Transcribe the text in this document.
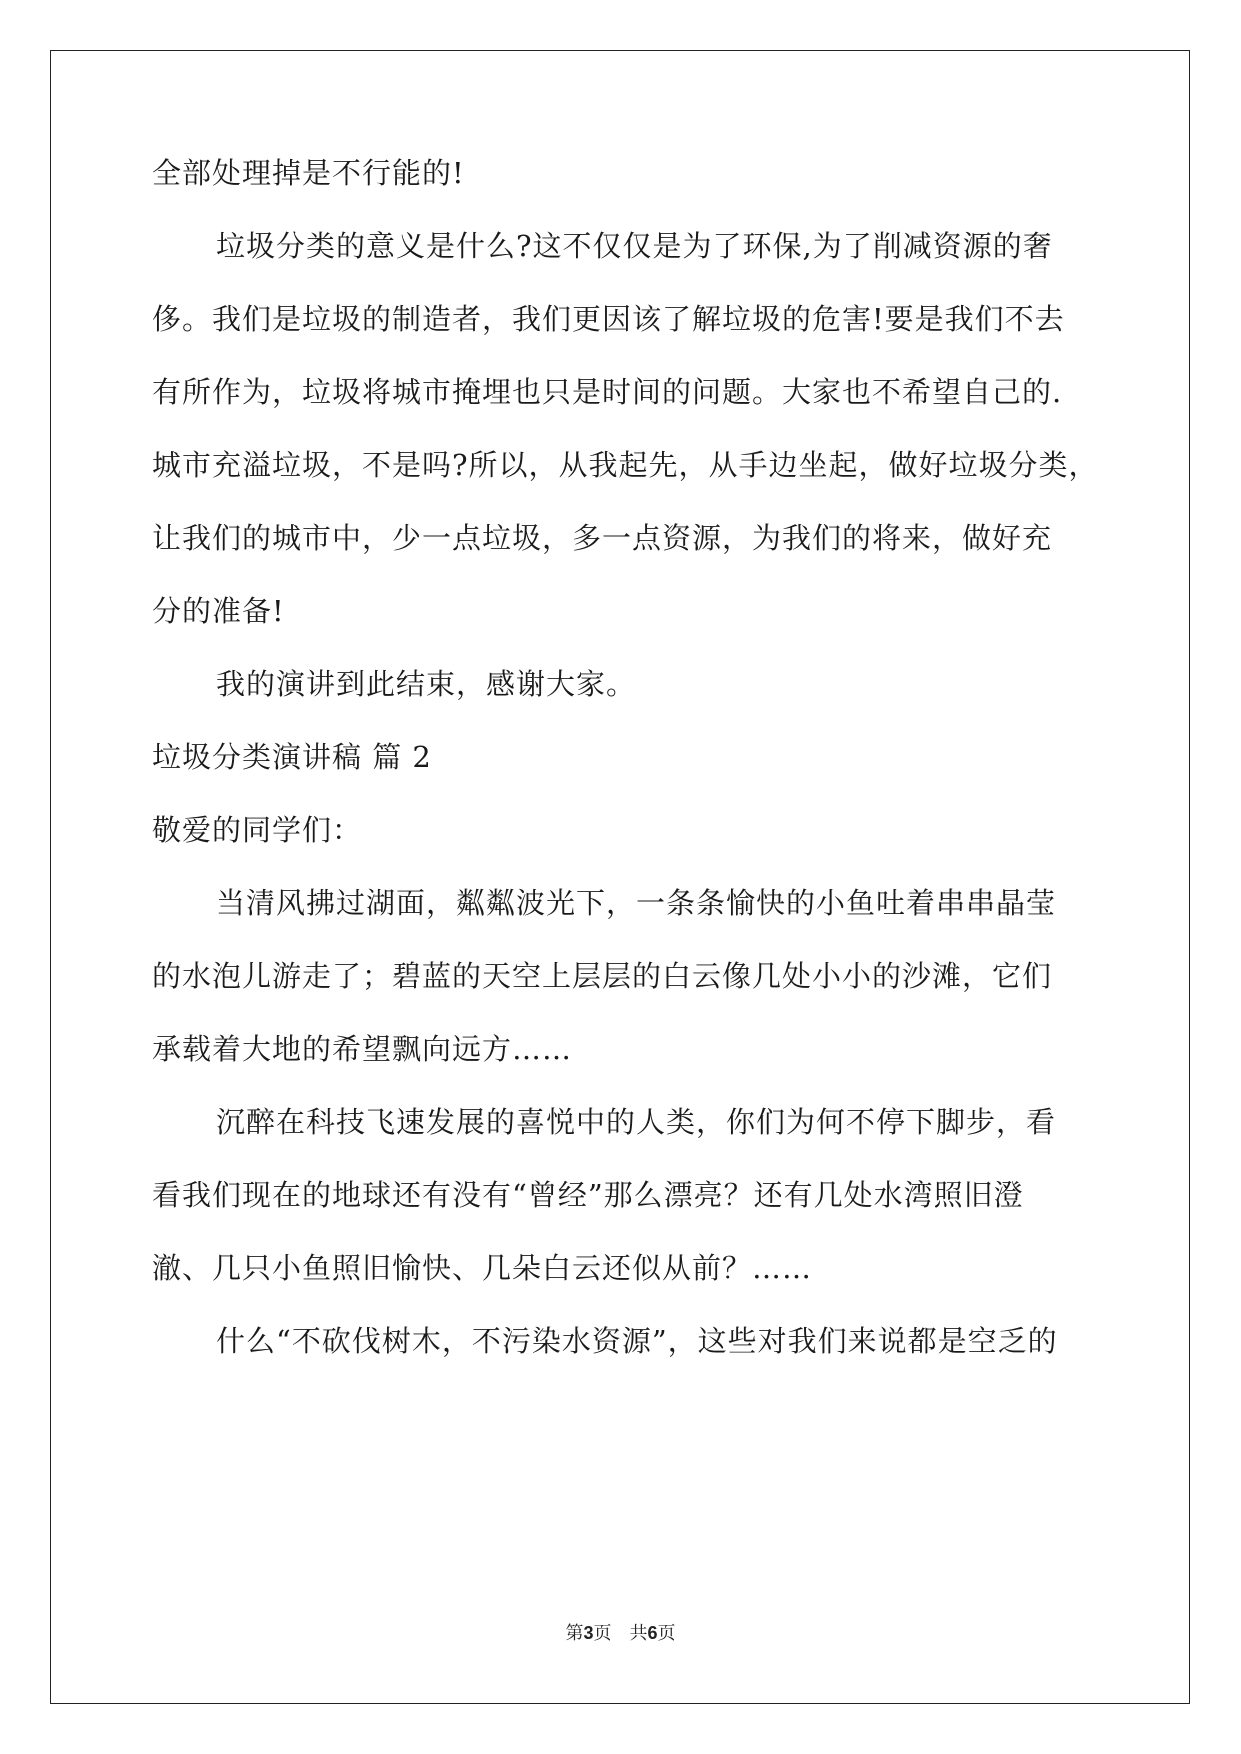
全部处理掉是不行能的!
垃圾分类的意义是什么?这不仅仅是为了环保,为了削减资源的奢
侈。我们是垃圾的制造者，我们更因该了解垃圾的危害!要是我们不去
有所作为，垃圾将城市掩埋也只是时间的问题。大家也不希望自己的.
城市充溢垃圾，不是吗?所以，从我起先，从手边坐起，做好垃圾分类，
让我们的城市中，少一点垃圾，多一点资源，为我们的将来，做好充
分的准备!
我的演讲到此结束，感谢大家。
垃圾分类演讲稿 篇 2
敬爱的同学们：
当清风拂过湖面，粼粼波光下，一条条愉快的小鱼吐着串串晶莹
的水泡儿游走了；碧蓝的天空上层层的白云像几处小小的沙滩，它们
承载着大地的希望飘向远方……
沉醉在科技飞速发展的喜悦中的人类，你们为何不停下脚步，看
看我们现在的地球还有没有“曾经”那么漂亮？还有几处水湾照旧澄
澈、几只小鱼照旧愉快、几朵白云还似从前？……
什么“不砍伐树木，不污染水资源”，这些对我们来说都是空乏的
第3页　共6页
